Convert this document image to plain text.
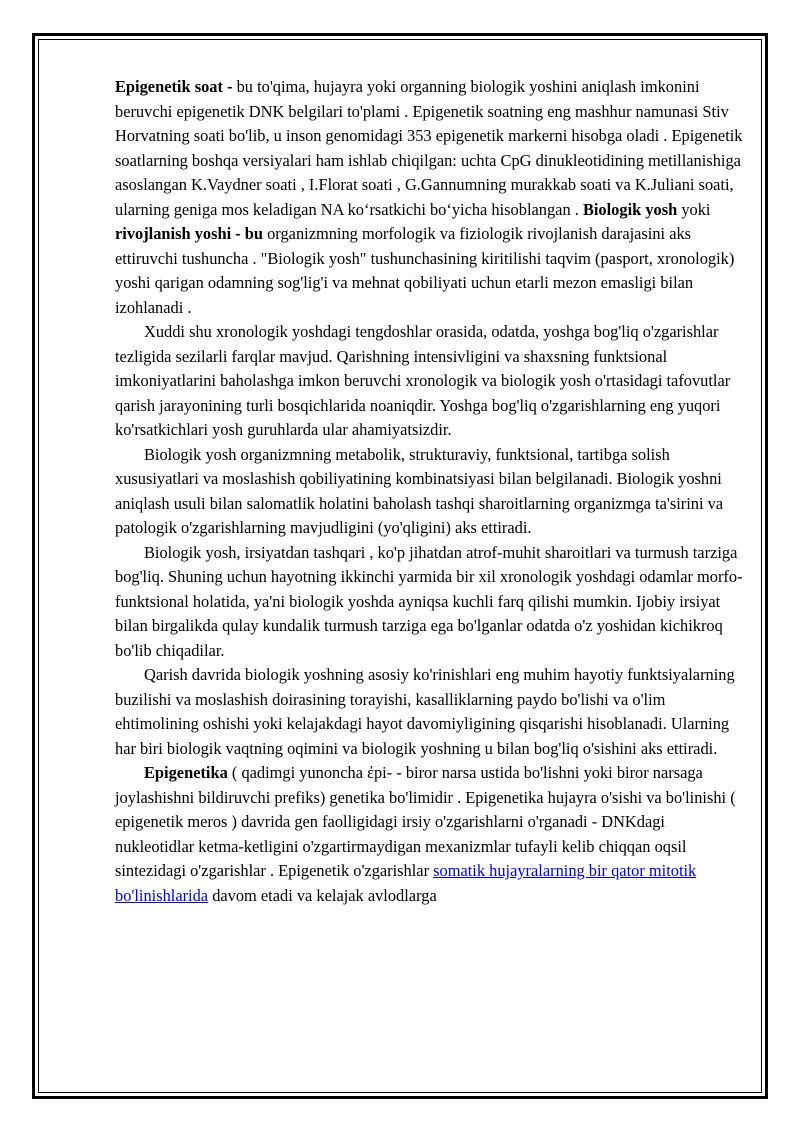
Epigenetik soat - bu to'qima, hujayra yoki organning biologik yoshini aniqlash imkonini beruvchi epigenetik DNK belgilari to'plami . Epigenetik soatning eng mashhur namunasi Stiv Horvatning soati bo'lib, u inson genomidagi 353 epigenetik markerni hisobga oladi . Epigenetik soatlarning boshqa versiyalari ham ishlab chiqilgan: uchta CpG dinukleotidining metillanishiga asoslangan K.Vaydner soati , I.Florat soati , G.Gannumning murakkab soati va K.Juliani soati, ularning geniga mos keladigan NA ko‘rsatkichi bo‘yicha hisoblangan . Biologik yosh yoki rivojlanish yoshi - bu organizmning morfologik va fiziologik rivojlanish darajasini aks ettiruvchi tushuncha . "Biologik yosh" tushunchasining kiritilishi taqvim (pasport, xronologik) yoshi qarigan odamning sog'lig'i va mehnat qobiliyati uchun etarli mezon emasligi bilan izohlanadi .

Xuddi shu xronologik yoshdagi tengdoshlar orasida, odatda, yoshga bog'liq o'zgarishlar tezligida sezilarli farqlar mavjud. Qarishning intensivligini va shaxsning funktsional imkoniyatlarini baholashga imkon beruvchi xronologik va biologik yosh o'rtasidagi tafovutlar qarish jarayonining turli bosqichlarida noaniqdir. Yoshga bog'liq o'zgarishlarning eng yuqori ko'rsatkichlari yosh guruhlarda ular ahamiyatsizdir.

Biologik yosh organizmning metabolik, strukturaviy, funktsional, tartibga solish xususiyatlari va moslashish qobiliyatining kombinatsiyasi bilan belgilanadi. Biologik yoshni aniqlash usuli bilan salomatlik holatini baholash tashqi sharoitlarning organizmga ta'sirini va patologik o'zgarishlarning mavjudligini (yo'qligini) aks ettiradi.

Biologik yosh, irsiyatdan tashqari , ko'p jihatdan atrof-muhit sharoitlari va turmush tarziga bog'liq. Shuning uchun hayotning ikkinchi yarmida bir xil xronologik yoshdagi odamlar morfo-funktsional holatida, ya'ni biologik yoshda ayniqsa kuchli farq qilishi mumkin. Ijobiy irsiyat bilan birgalikda qulay kundalik turmush tarziga ega bo'lganlar odatda o'z yoshidan kichikroq bo'lib chiqadilar.

Qarish davrida biologik yoshning asosiy ko'rinishlari eng muhim hayotiy funktsiyalarning buzilishi va moslashish doirasining torayishi, kasalliklarning paydo bo'lishi va o'lim ehtimolining oshishi yoki kelajakdagi hayot davomiyligining qisqarishi hisoblanadi. Ularning har biri biologik vaqtning oqimini va biologik yoshning u bilan bog'liq o'sishini aks ettiradi.

Epigenetika ( qadimgi yunoncha ἐpi- - biror narsa ustida bo'lishni yoki biror narsaga joylashishni bildiruvchi prefiks) genetika bo'limidir . Epigenetika hujayra o'sishi va bo'linishi ( epigenetik meros ) davrida gen faolligidagi irsiy o'zgarishlarni o'rganadi - DNKdagi nukleotidlar ketma-ketligini o'zgartirmaydigan mexanizmlar tufayli kelib chiqqan oqsil sintezidagi o'zgarishlar . Epigenetik o'zgarishlar somatik hujayralarning bir qator mitotik bo'linishlarida davom etadi va kelajak avlodlarga
